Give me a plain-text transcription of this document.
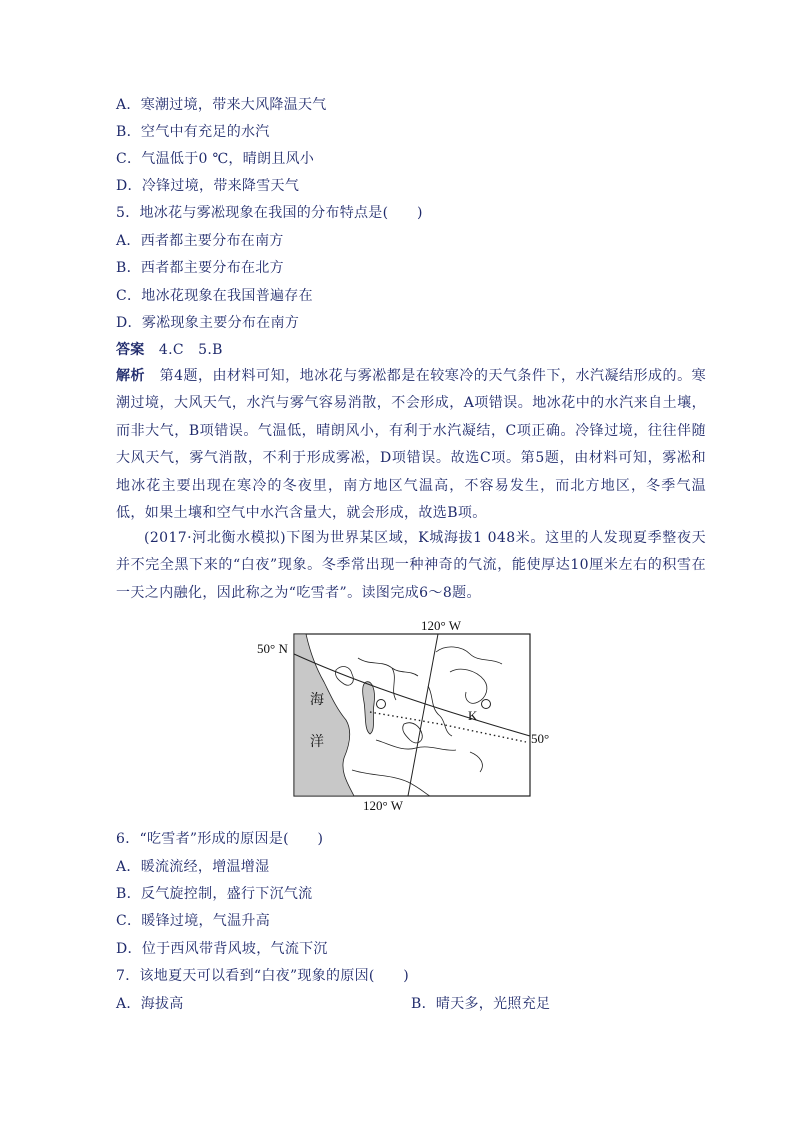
A．寒潮过境，带来大风降温天气
B．空气中有充足的水汽
C．气温低于0 ℃，晴朗且风小
D．冷锋过境，带来降雪天气
5．地冰花与雾凇现象在我国的分布特点是(　　)
A．西者都主要分布在南方
B．西者都主要分布在北方
C．地冰花现象在我国普遍存在
D．雾凇现象主要分布在南方
答案　4.C　5.B
解析　第4题，由材料可知，地冰花与雾凇都是在较寒冷的天气条件下，水汽凝结形成的。寒潮过境，大风天气，水汽与雾气容易消散，不会形成，A项错误。地冰花中的水汽来自土壤，而非大气，B项错误。气温低，晴朗风小，有利于水汽凝结，C项正确。冷锋过境，往往伴随大风天气，雾气消散，不利于形成雾凇，D项错误。故选C项。第5题，由材料可知，雾凇和地冰花主要出现在寒冷的冬夜里，南方地区气温高，不容易发生，而北方地区，冬季气温低，如果土壤和空气中水汽含量大，就会形成，故选B项。
(2017·河北衡水模拟)下图为世界某区域，K城海拔1 048米。这里的人发现夏季整夜天并不完全黑下来的“白夜”现象。冬季常出现一种神奇的气流，能使厚达10厘米左右的积雪在一天之内融化，因此称之为“吃雪者”。读图完成6～8题。
120° W
120° W
50° N
50°
海
洋
K
6．“吃雪者”形成的原因是(　　)
A．暖流流经，增温增湿
B．反气旋控制，盛行下沉气流
C．暖锋过境，气温升高
D．位于西风带背风坡，气流下沉
7．该地夏天可以看到“白夜”现象的原因(　　)
A．海拔高	B．晴天多，光照充足
